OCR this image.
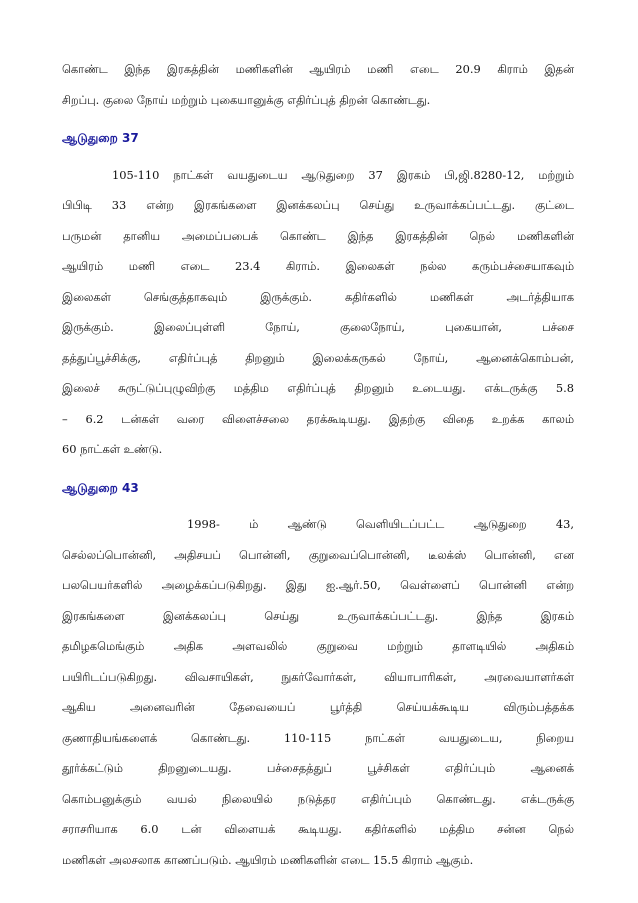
கொண்ட இந்த இரகத்தின் மணிகளின் ஆயிரம் மணி எடை 20.9 கிராம் இதன்
சிறப்பு. குலை நோய் மற்றும் புகையானுக்கு எதிர்ப்புத் திறன் கொண்டது.
ஆடுதுறை 37
105-110 நாட்கள் வயதுடைய ஆடுதுறை 37 இரகம் பி,ஜி.8280-12, மற்றும்
பிபிடி 33 என்ற இரகங்களை இனக்கலப்பு செய்து உருவாக்கப்பட்டது. குட்டை
பருமன் தானிய அமைப்பபைக் கொண்ட இந்த இரகத்தின் நெல் மணிகளின்
ஆயிரம் மணி எடை 23.4 கிராம். இலைகள் நல்ல கரும்பச்சையாகவும்
இலைகள் செங்குத்தாகவும் இருக்கும். கதிர்களில் மணிகள் அடர்த்தியாக
இருக்கும். இலைப்புள்ளி நோய், குலைநோய், புகையான், பச்சை
தத்துப்பூச்சிக்கு, எதிர்ப்புத் திறனும் இலைக்கருகல் நோய், ஆனைக்கொம்பன்,
இலைச் சுருட்டுப்புழுவிற்கு மத்திம எதிர்ப்புத் திறனும் உடையது. எக்டருக்கு 5.8
– 6.2 டன்கள் வரை விளைச்சலை தரக்கூடியது. இதற்கு விதை உறக்க காலம்
60 நாட்கள் உண்டு.
ஆடுதுறை 43
1998- ம் ஆண்டு வெளியிடப்பட்ட ஆடுதுறை 43,
செல்லப்பொன்னி, அதிசயப் பொன்னி, குறுவைப்பொன்னி, டீலக்ஸ் பொன்னி, என
பலபெயர்களில் அழைக்கப்படுகிறது. இது ஐ.ஆர்.50, வெள்ளைப் பொன்னி என்ற
இரகங்களை இனக்கலப்பு செய்து உருவாக்கப்பட்டது. இந்த இரகம்
தமிழகமெங்கும் அதிக அளவலில் குறுவை மற்றும் தாளடியில் அதிகம்
பயிரிடப்படுகிறது. விவசாயிகள், நுகர்வோர்கள், வியாபாரிகள், அரவையாளர்கள்
ஆகிய அனைவரின் தேவையைப் பூர்த்தி செய்யக்கூடிய விரும்பத்தக்க
குணாதியங்களைக் கொண்டது. 110-115 நாட்கள் வயதுடைய, நிறைய
தூர்க்கட்டும் திறனுடையது. பச்சைதத்துப் பூச்சிகள் எதிர்ப்பும் ஆனைக்
கொம்பனுக்கும் வயல் நிலையில் நடுத்தர எதிர்ப்பும் கொண்டது. எக்டருக்கு
சராசரியாக 6.0 டன் விளையக் கூடியது. கதிர்களில் மத்திம சன்ன நெல்
மணிகள் அலசலாக காணப்படும். ஆயிரம் மணிகளின் எடை 15.5 கிராம் ஆகும்.
